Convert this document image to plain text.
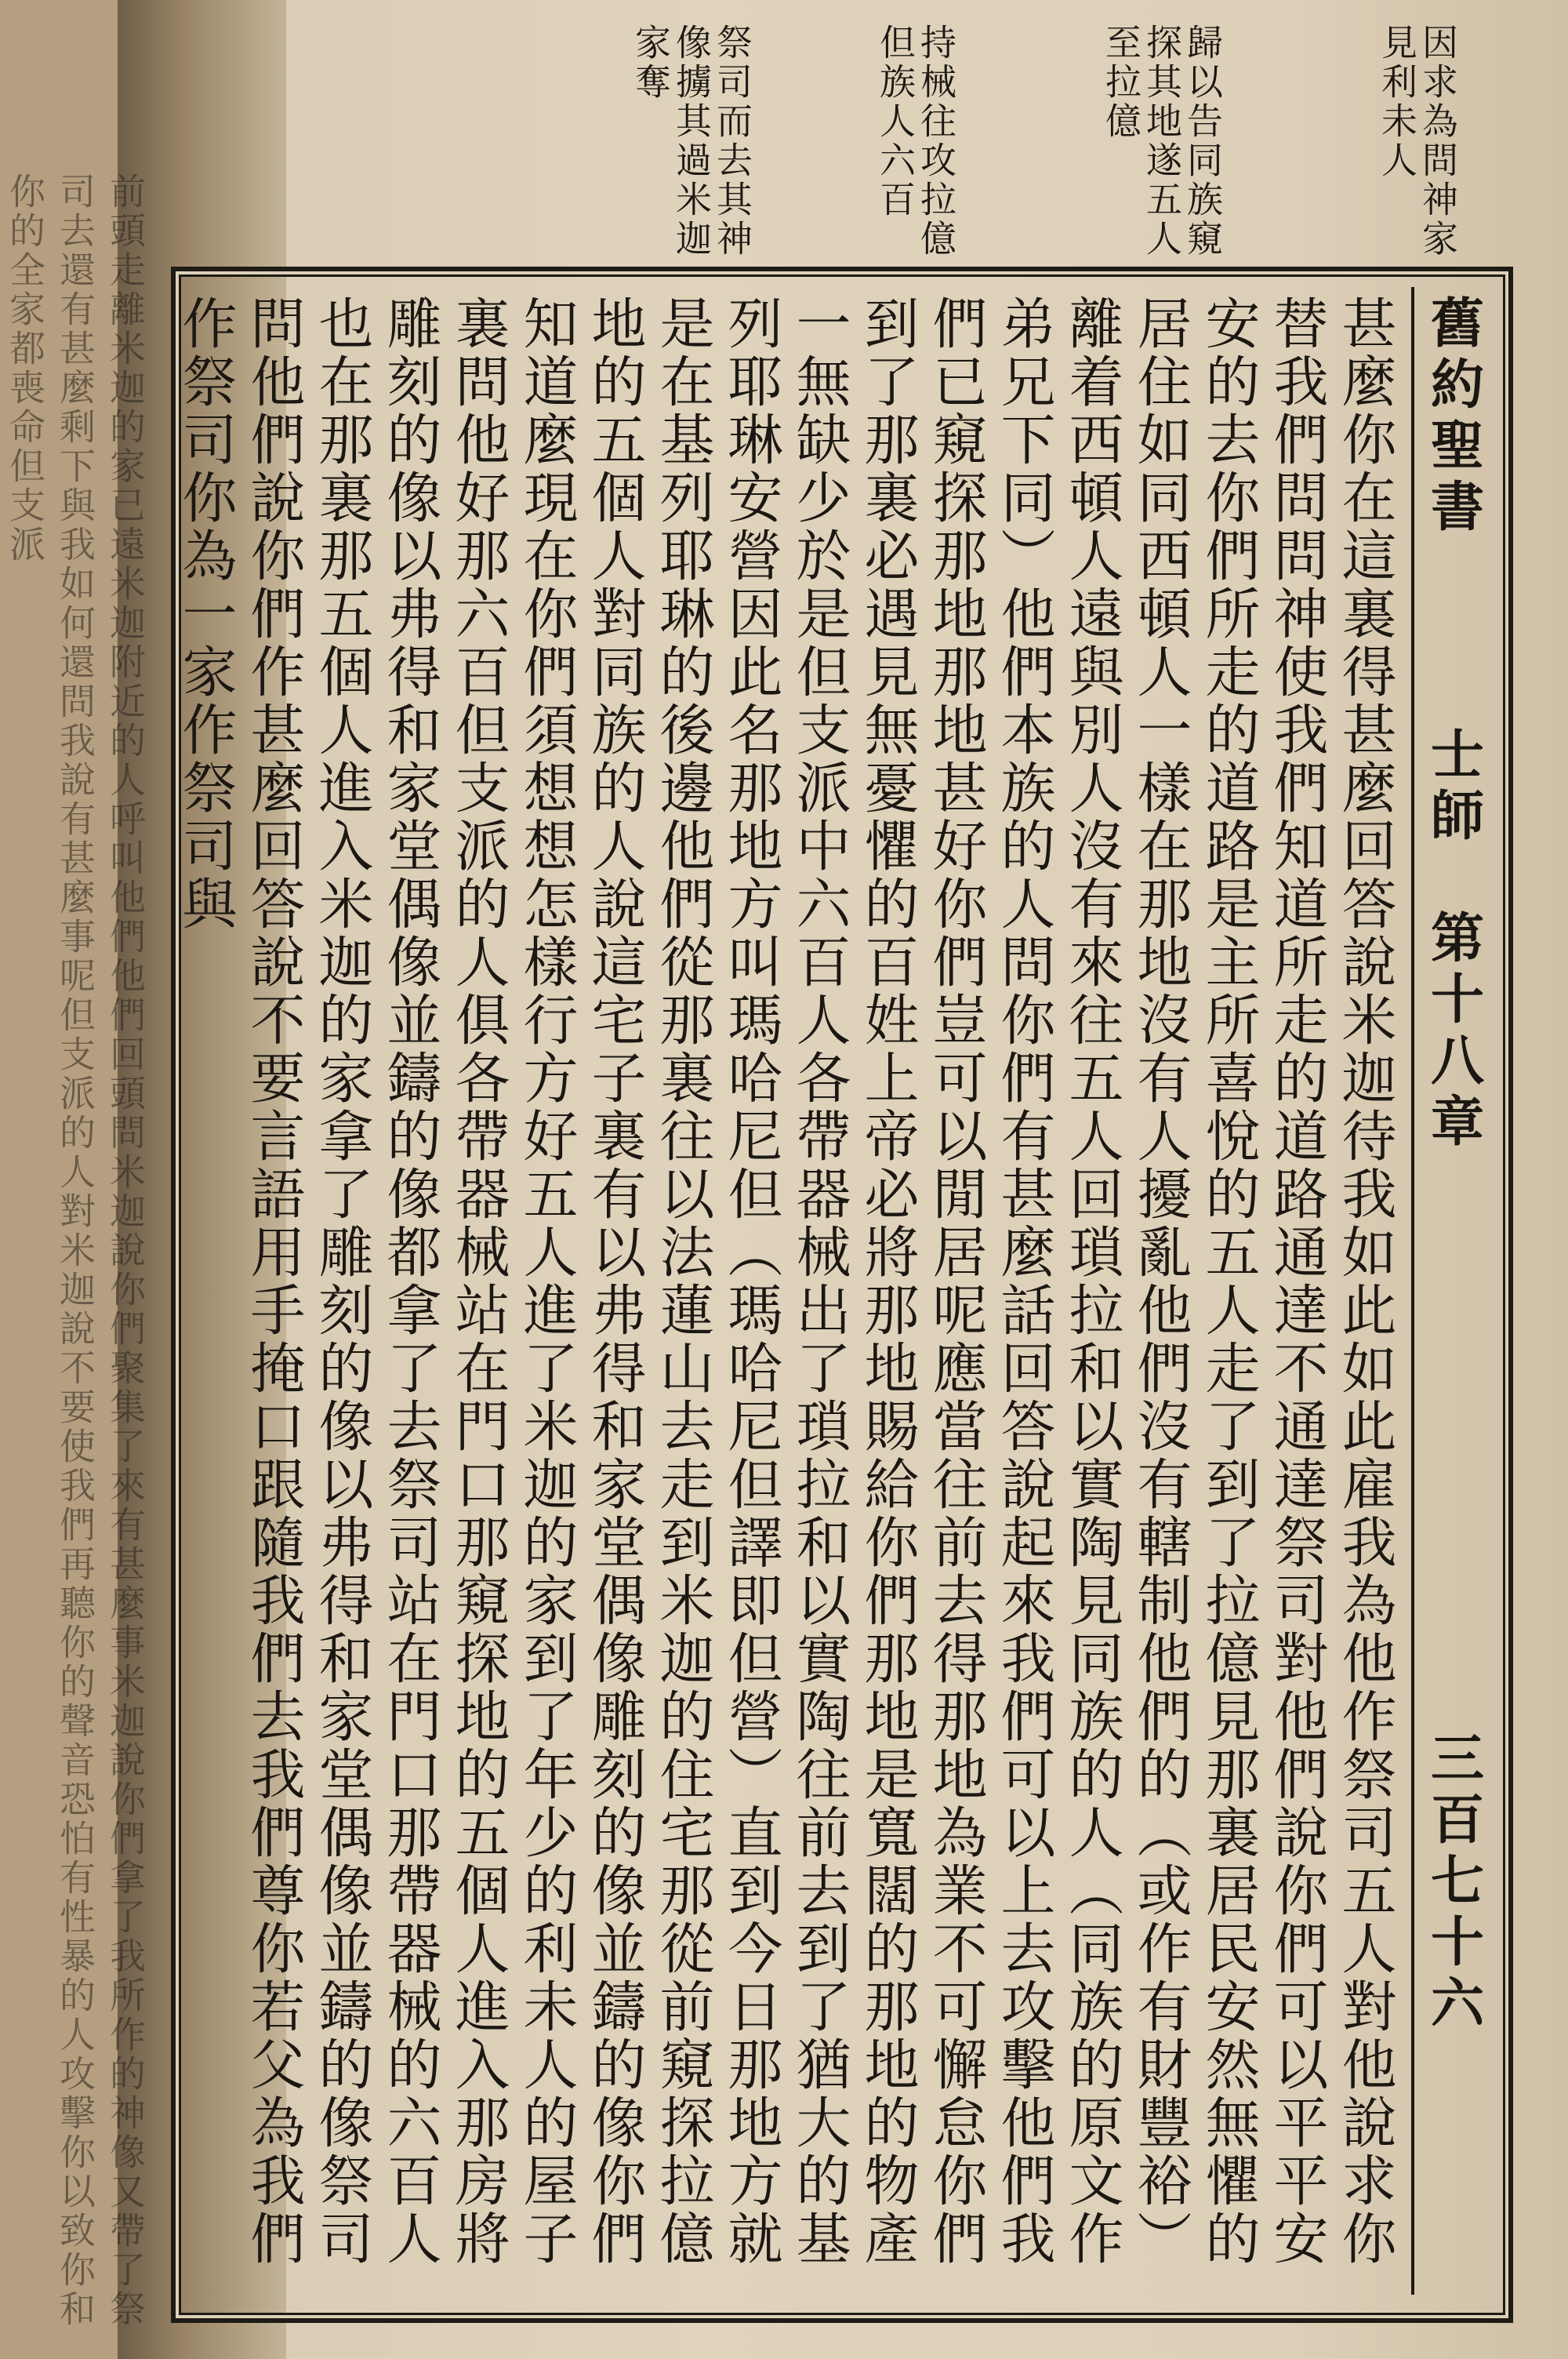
前頭走離米迦的家已遠米迦附近的人呼叫他們他們回頭問米迦說你們聚集了來有甚麼事米迦說你們拿了我所作的神像又帶了祭司去還有甚麼剩下與我如何還問我說有甚麼事呢但支派的人對米迦說不要使我們再聽你的聲音恐怕有性暴的人攻擊你以致你和你的全家都喪命但支派
因求為問神家見利未人
歸以告同族窺探其地遂五人至拉億
持械往攻拉億但族人六百
祭司而去其神像擄其過米迦家奪
舊約聖書
士師　第十八章
三百七十六

甚麼你在這裏得甚麼回答說米迦待我如此如此雇我為他作祭司五人對他說求你替我們問問神使我們知道所走的道路通達不通達祭司對他們說你們可以平平安安的去你們所走的道路是主所喜悅的五人走了到了拉億見那裏居民安然無懼的居住如同西頓人一樣在那地沒有人擾亂他們沒有轄制他們的（或作有財豐裕）離着西頓人遠與別人沒有來往五人回瑣拉和以實陶見同族的人（同族的原文作弟兄下同）他們本族的人問你們有甚麼話回答說起來我們可以上去攻擊他們我們已窺探那地那地甚好你們豈可以閒居呢應當往前去得那地為業不可懈怠你們到了那裏必遇見無憂懼的百姓上帝必將那地賜給你們那地是寬闊的那地的物產一無缺少於是但支派中六百人各帶器械出了瑣拉和以實陶往前去到了猶大的基列耶琳安營因此名那地方叫瑪哈尼但（瑪哈尼但譯即但營）直到今日那地方就是在基列耶琳的後邊他們從那裏往以法蓮山去走到米迦的住宅那從前窺探拉億地的五個人對同族的人說這宅子裏有以弗得和家堂偶像雕刻的像並鑄的像你們知道麼現在你們須想想怎樣行方好五人進了米迦的家到了年少的利未人的屋子裏問他好那六百但支派的人俱各帶器械站在門口那窺探地的五個人進入那房將雕刻的像以弗得和家堂偶像並鑄的像都拿了去祭司站在門口那帶器械的六百人也在那裏那五個人進入米迦的家拿了雕刻的像以弗得和家堂偶像並鑄的像祭司問他們說你們作甚麼回答說不要言語用手掩口跟隨我們去我們尊你若父為我們作祭司你為一家作祭司與
